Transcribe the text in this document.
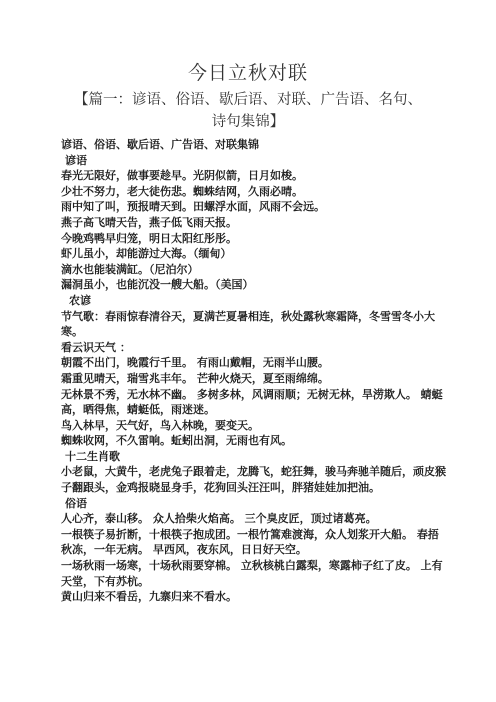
今日立秋对联
【篇一：谚语、俗语、歇后语、对联、广告语、名句、
诗句集锦】

谚语、俗语、歇后语、广告语、对联集锦

谚语

春光无限好，做事要趁早。光阴似箭，日月如梭。

少壮不努力，老大徒伤悲。蜘蛛结网，久雨必晴。

雨中知了叫，预报晴天到。田螺浮水面，风雨不会远。

燕子高飞晴天告，燕子低飞雨天报。

今晚鸡鸭早归笼，明日太阳红彤彤。

虾儿虽小，却能游过大海。（缅甸）

滴水也能装满缸。（尼泊尔）

漏洞虽小，也能沉没一艘大船。（美国）

农谚

节气歌：春雨惊春清谷天，夏满芒夏暑相连，秋处露秋寒霜降，冬雪雪冬小大寒。

看云识天气 ：

朝霞不出门，晚霞行千里。 有雨山戴帽，无雨半山腰。

霜重见晴天，瑞雪兆丰年。 芒种火烧天，夏至雨绵绵。

无林景不秀，无水林不幽。 多树多林，风调雨顺；无树无林，旱涝欺人。 蜻蜓高，晒得焦，蜻蜓低，雨迷迷。

鸟入林早，天气好，鸟入林晚，要变天。

蜘蛛收网，不久雷响。蚯蚓出洞，无雨也有风。

十二生肖歌

小老鼠，大黄牛，老虎兔子跟着走，龙腾飞，蛇狂舞，骏马奔驰羊随后，顽皮猴子翻跟头，金鸡报晓显身手，花狗回头汪汪叫，胖猪娃娃加把油。

俗语

人心齐，泰山移。 众人拾柴火焰高。 三个臭皮匠，顶过诸葛亮。

一根筷子易折断，十根筷子抱成团。一根竹篙难渡海，众人划浆开大船。 春捂秋冻，一年无病。 早西风，夜东风，日日好天空。

一场秋雨一场寒，十场秋雨要穿棉。 立秋核桃白露梨，寒露柿子红了皮。 上有天堂，下有苏杭。

黄山归来不看岳，九寨归来不看水。
